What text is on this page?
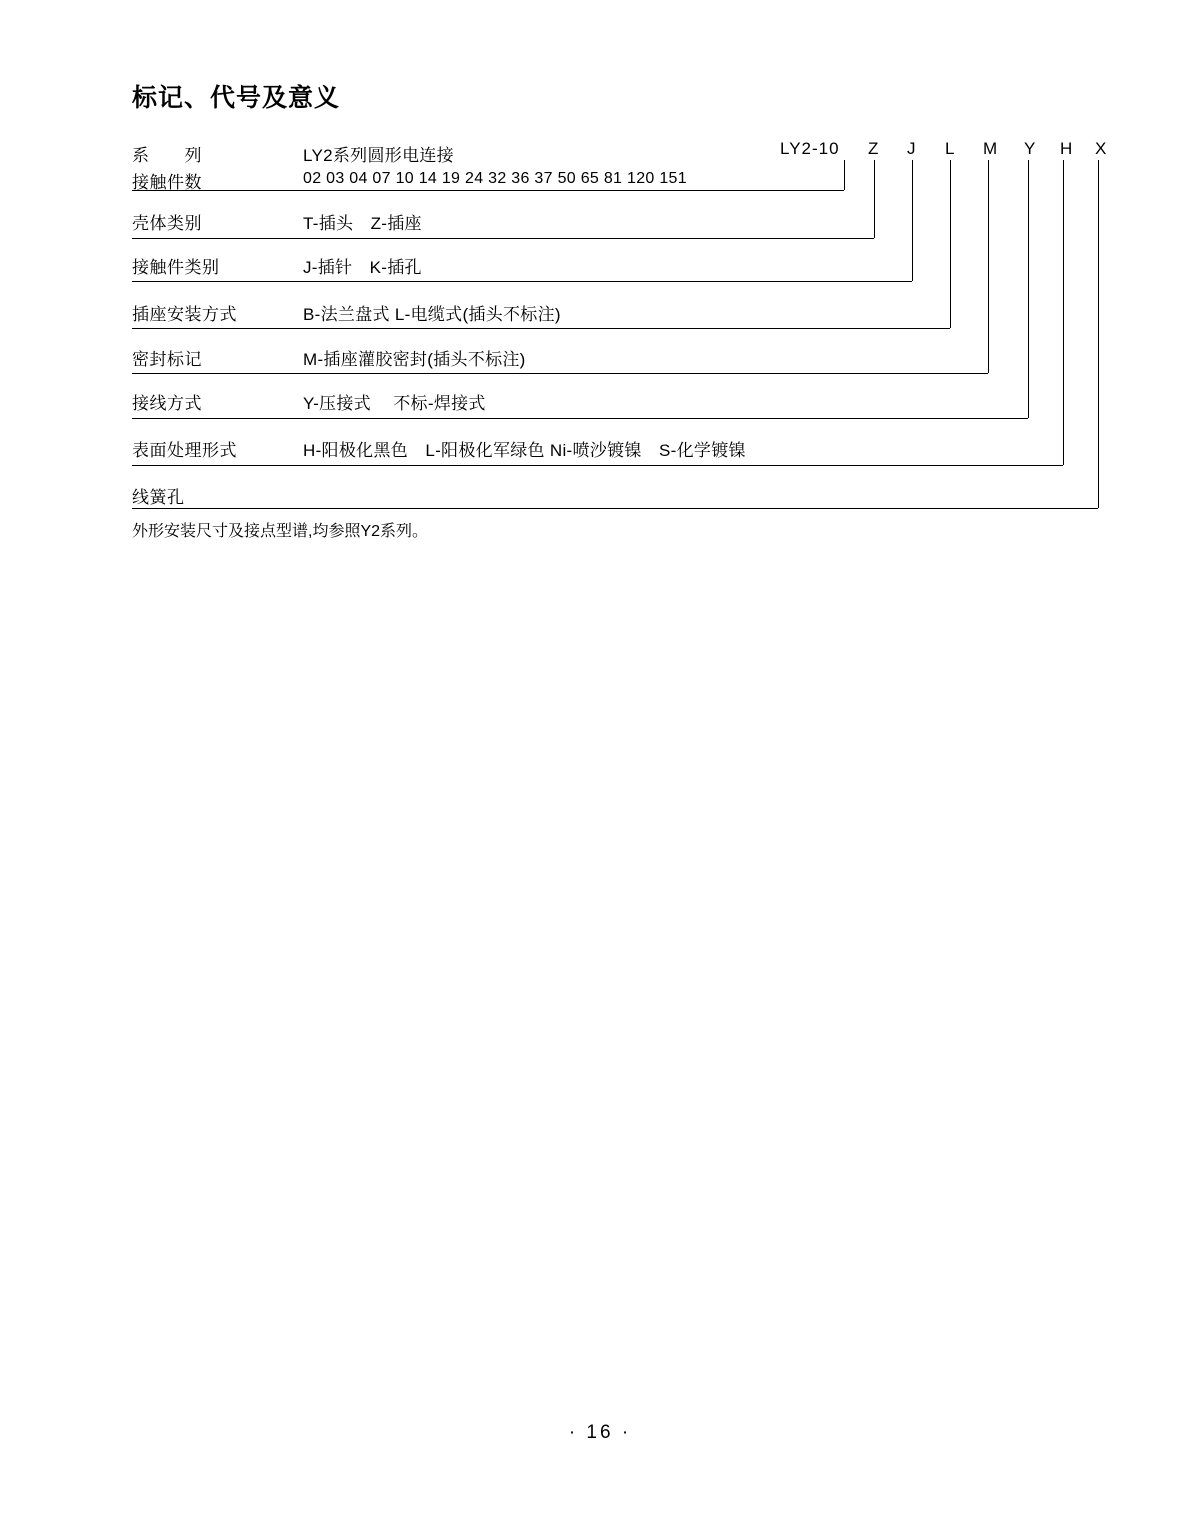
标记、代号及意义
LY2-10 Z J L M Y H X
系　　列	LY2系列圆形电连接
接触件数	02 03 04 07 10 14 19 24 32 36 37 50 65 81 120 151
壳体类别	T-插头　Z-插座
接触件类别	J-插针　K-插孔
插座安装方式	B-法兰盘式 L-电缆式(插头不标注)
密封标记	M-插座灌胶密封(插头不标注)
接线方式	Y-压接式　 不标-焊接式
表面处理形式	H-阳极化黑色　L-阳极化军绿色 Ni-喷沙镀镍　S-化学镀镍
线簧孔
外形安装尺寸及接点型谱,均参照Y2系列。
· 16 ·
